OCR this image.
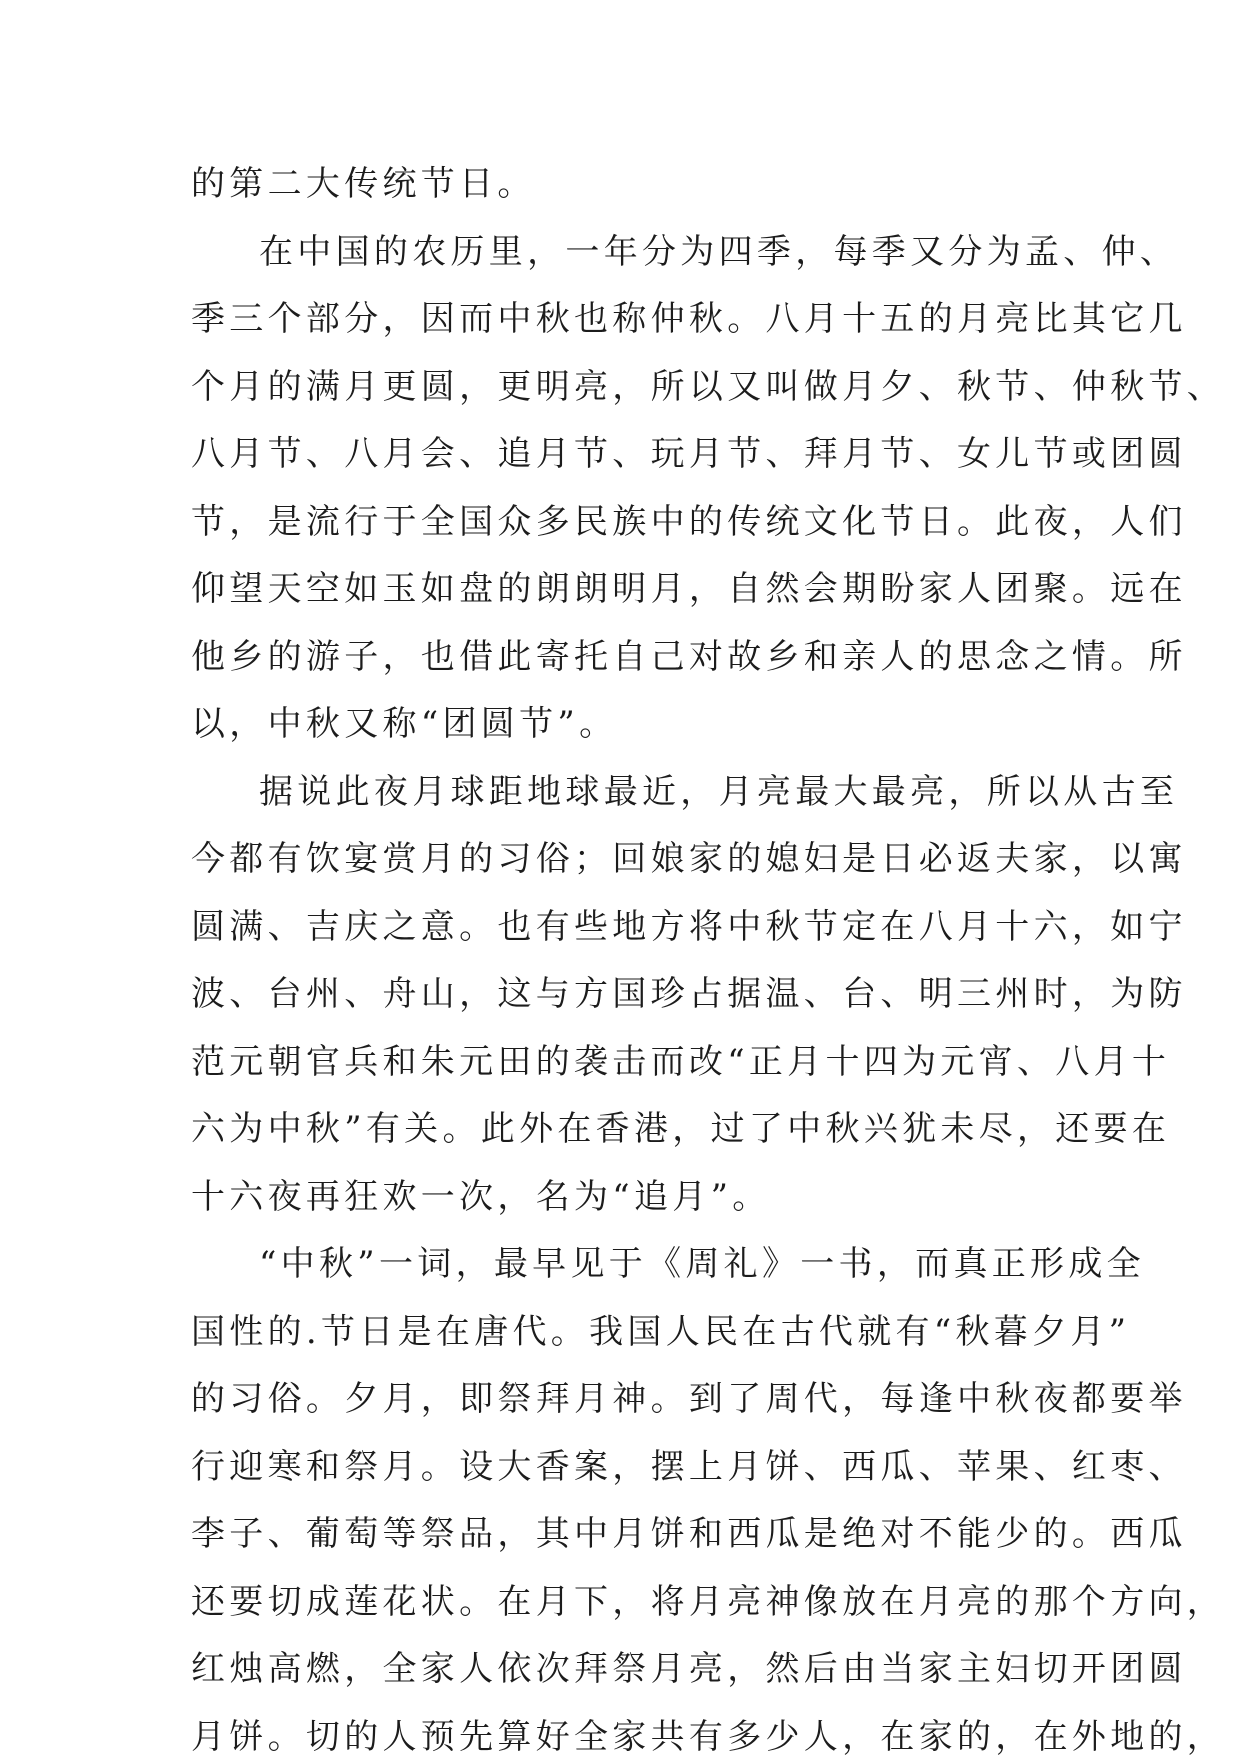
的第二大传统节日。

在中国的农历里，一年分为四季，每季又分为孟、仲、

季三个部分，因而中秋也称仲秋。八月十五的月亮比其它几

个月的满月更圆，更明亮，所以又叫做月夕、秋节、仲秋节、

八月节、八月会、追月节、玩月节、拜月节、女儿节或团圆

节，是流行于全国众多民族中的传统文化节日。此夜，人们

仰望天空如玉如盘的朗朗明月，自然会期盼家人团聚。远在

他乡的游子，也借此寄托自己对故乡和亲人的思念之情。所

以，中秋又称“团圆节”。

据说此夜月球距地球最近，月亮最大最亮，所以从古至

今都有饮宴赏月的习俗；回娘家的媳妇是日必返夫家，以寓

圆满、吉庆之意。也有些地方将中秋节定在八月十六，如宁

波、台州、舟山，这与方国珍占据温、台、明三州时，为防

范元朝官兵和朱元田的袭击而改“正月十四为元宵、八月十

六为中秋”有关。此外在香港，过了中秋兴犹未尽，还要在

十六夜再狂欢一次，名为“追月”。

“中秋”一词，最早见于《周礼》一书，而真正形成全

国性的.节日是在唐代。我国人民在古代就有“秋暮夕月”

的习俗。夕月，即祭拜月神。到了周代，每逢中秋夜都要举

行迎寒和祭月。设大香案，摆上月饼、西瓜、苹果、红枣、

李子、葡萄等祭品，其中月饼和西瓜是绝对不能少的。西瓜

还要切成莲花状。在月下，将月亮神像放在月亮的那个方向，

红烛高燃，全家人依次拜祭月亮，然后由当家主妇切开团圆

月饼。切的人预先算好全家共有多少人，在家的，在外地的，
